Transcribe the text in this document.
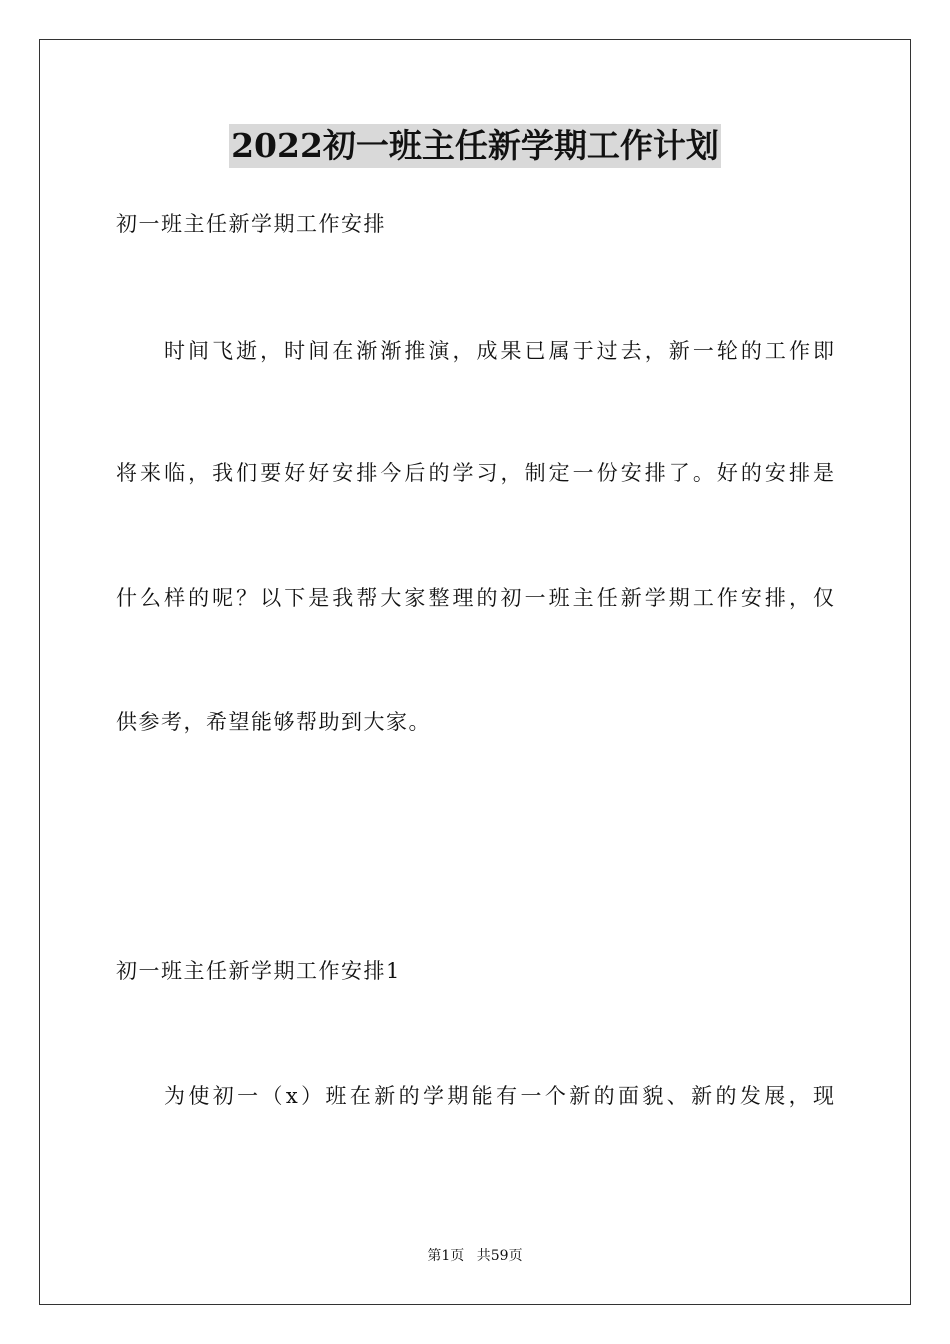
2022初一班主任新学期工作计划
初一班主任新学期工作安排
时间飞逝，时间在渐渐推演，成果已属于过去，新一轮的工作即
将来临，我们要好好安排今后的学习，制定一份安排了。好的安排是
什么样的呢？以下是我帮大家整理的初一班主任新学期工作安排，仅
供参考，希望能够帮助到大家。
初一班主任新学期工作安排1
为使初一（x）班在新的学期能有一个新的面貌、新的发展，现
第1页 共59页
